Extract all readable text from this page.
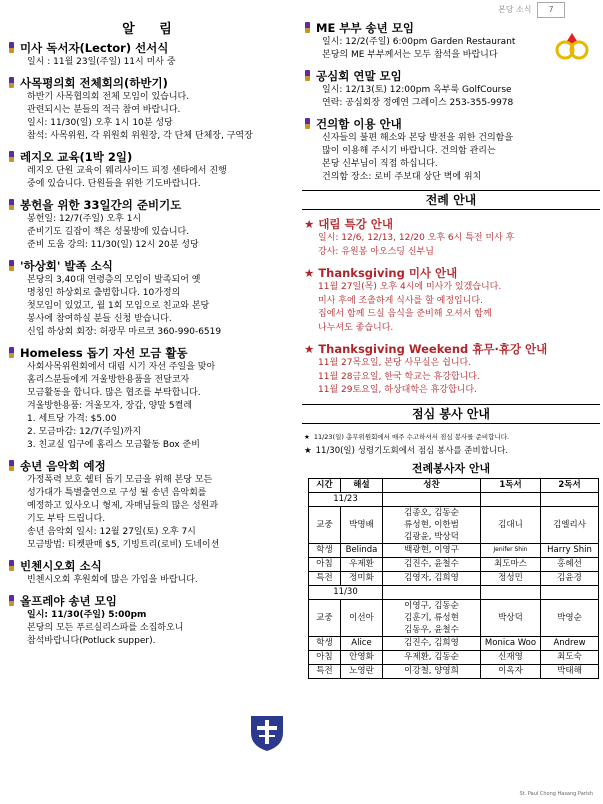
본당 소식	7
알 림
미사 독서자(Lector) 선서식
일시 : 11월 23일(주일) 11시 미사 중
사목평의회 전체회의(하반기)
하반기 사목협의회 전체 모임이 있습니다.
관련되시는 분들의 적극 참여 바랍니다.
일시: 11/30(일) 오후 1시 10분 성당
참석: 사목위원, 각 위원회 위원장, 각 단체 단체장, 구역장
레지오 교육(1박 2일)
레지오 단원 교육이 웨리사이드 피정 센타에서 진행
중에 있습니다. 단원들을 위한 기도바랍니다.
봉헌을 위한 33일간의 준비기도
봉헌일: 12/7(주일) 오후 1시
준비기도 길잡이 책은 성물방에 있습니다.
준비 도움 강의: 11/30(일) 12시 20분 성당
'하상회' 발족 소식
본당의 3,40대 연령층의 모임이 발족되어 옛
명칭인 하상회로 출범합니다. 10가정의
첫모임이 있었고, 월 1회 모임으로 친교와 본당
봉사에 참여하실 분들 신청 받습니다.
신입 하상회 회장: 허광무 마르코 360-990-6519
Homeless 돕기 자선 모금 활동
사회사목위원회에서 대림 시기 자선 주일을 맞아
홈리스분들에게 겨울방한용품을 전달코자
모금활동을 합니다. 많은 협조를 부탁합니다.
겨울방한용품: 겨울모자, 장갑, 양말 5켤레
1. 세트당 가격: $5.00
2. 모금마감: 12/7(주일)까지
3. 친교실 입구에 홈리스 모금활동 Box 준비
송년 음악회 예정
가정폭력 보호 쉘터 돕기 모금을 위해 본당 모든
성가대가 특별출연으로 구성 될 송년 음악회를
예정하고 있사오니 형제, 자매님들의 많은 성원과
기도 부탁 드립니다.
송년 음악회 일시: 12월 27일(토) 오후 7시
모금방법: 티켓판매 $5, 기빙트리(로비) 도네이션
빈첸시오회 소식
빈첸시오회 후원회에 많은 가입을 바랍니다.
올프레야 송년 모임
일시: 11/30(주일) 5:00pm
본당의 모든 푸르실리스파를 소집하오니
참석바랍니다(Potluck supper).
ME 부부 송년 모임
일시: 12/2(주일) 6:00pm Garden Restaurant
본당의 ME 부부께서는 모두 참석을 바랍니다
공심회 연말 모임
일시: 12/13(토) 12:00pm 옥부룩 GolfCourse
연락: 공심회장 정예연 그레이스 253-355-9978
건의함 이용 안내
신자들의 불편 해소와 본당 발전을 위한 건의함을
많이 이용해 주시기 바랍니다. 건의함 관리는
본당 신부님이 직접 하십니다.
건의함 장소: 로비 주보대 상단 벽에 위치
전례 안내
★ 대림 특강 안내
일시: 12/6, 12/13, 12/20 오후 6시 특전 미사 후
강사: 유원봉 아오스딩 신부님
★ Thanksgiving 미사 안내
11월 27일(목) 오후 4시에 미사가 있겠습니다.
미사 후에 조촐하게 식사를 할 예정입니다.
집에서 함께 드실 음식을 준비해 오셔서 함께
나누셔도 좋습니다.
★ Thanksgiving Weekend 휴무·휴강 안내
11월 27목요일, 본당 사무실은 쉽니다.
11월 28금요일, 한국 학교는 휴강합니다.
11월 29토요일, 하상대학은 휴강합니다.
점심 봉사 안내
★ 11/23(일) 총무위원회에서 매주 수고하셔서 점심 봉사를 준비합니다.
★ 11/30(일) 성령기도회에서 점심 봉사를 준비합니다.
전례봉사자 안내
시간	해설	성찬	1독서	2독서
11/23				
교중	박명배	김종오, 김동순
류성현, 이한범
김광윤, 박상덕	김대니	김엘리사
학생	Belinda	백광현, 이영구	Jenifer Shin	Harry Shin
아침	우제환	김진수, 윤철수	최도마스	홍혜선
특전	정미화	김영자, 김희영	정성민	김윤경
11/30				
교중	이선아	이영구, 김동순
김훈기, 류성현
김동우, 윤철수	박상덕	박영순
학생	Alice	김진수, 김희영	Monica Woo	Andrew
아침	안영화	우제환, 김동순	신재영	최도숙
특전	노영란	이강철, 양영희	이옥자	박태해
St. Paul Chong Hasang Parish
